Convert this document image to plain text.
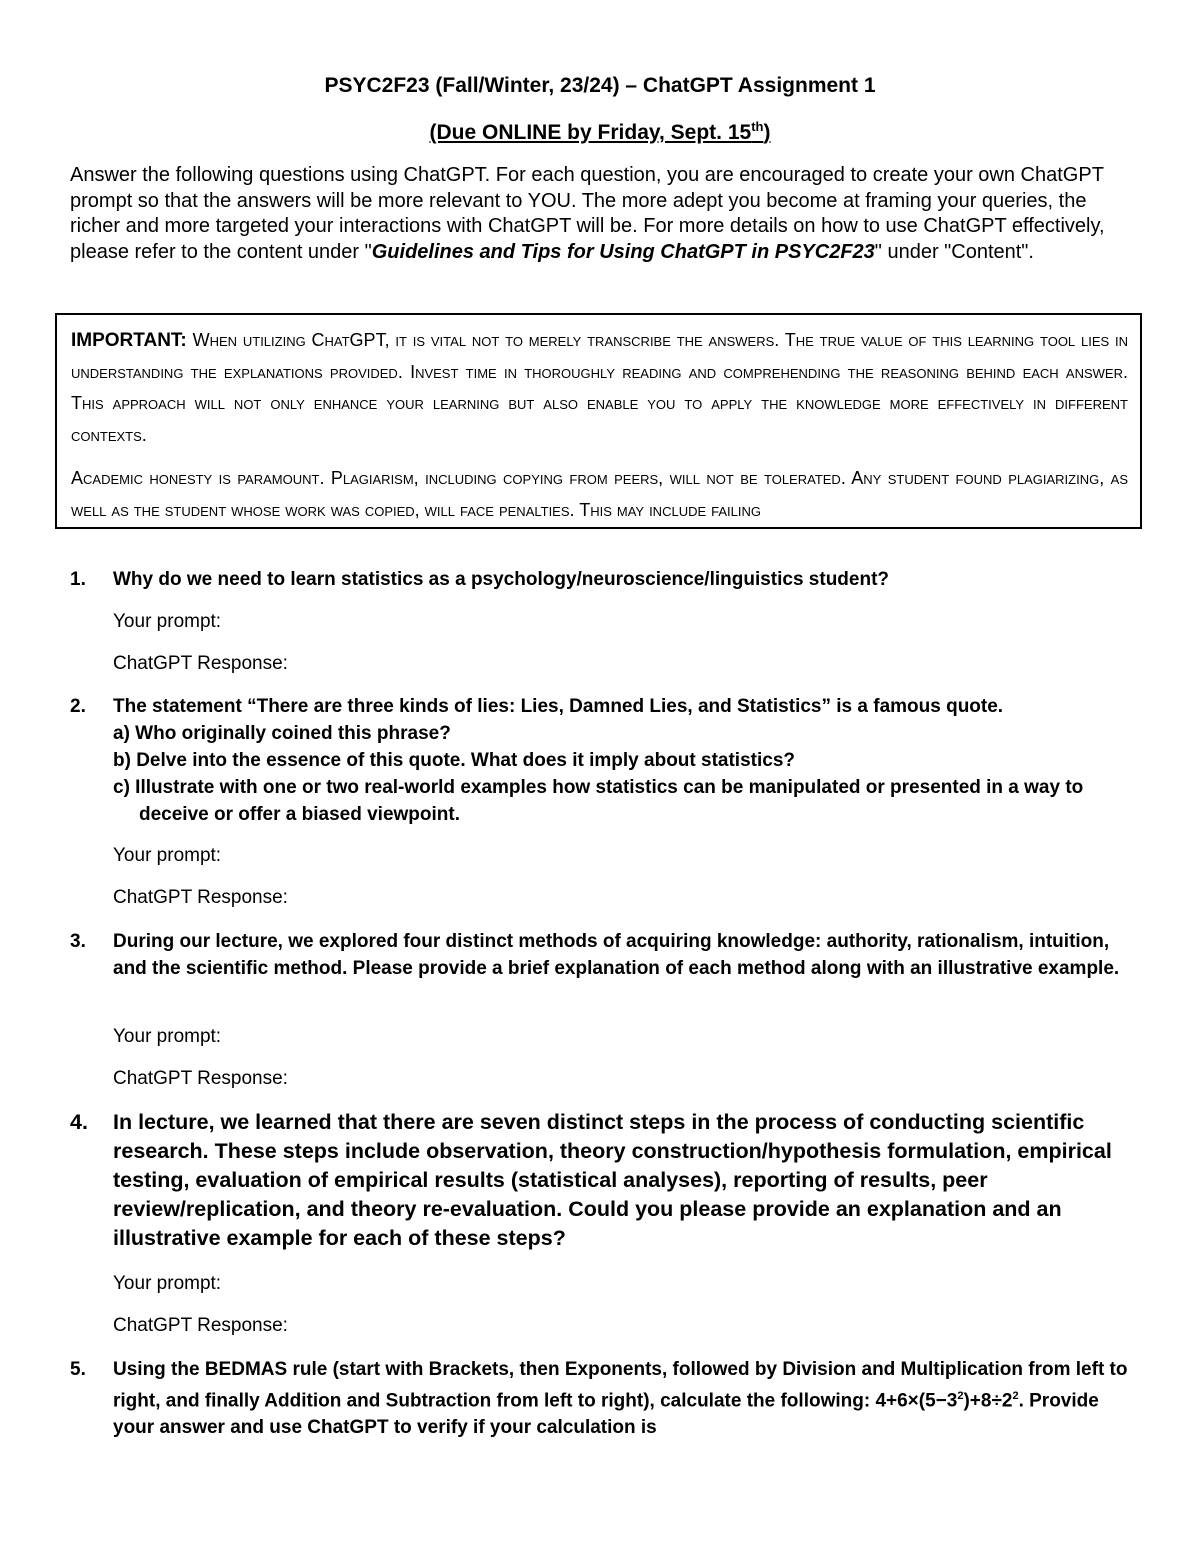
PSYC2F23 (Fall/Winter, 23/24) – ChatGPT Assignment 1
(Due ONLINE by Friday, Sept. 15th)
Answer the following questions using ChatGPT. For each question, you are encouraged to create your own ChatGPT prompt so that the answers will be more relevant to YOU. The more adept you become at framing your queries, the richer and more targeted your interactions with ChatGPT will be. For more details on how to use ChatGPT effectively, please refer to the content under "Guidelines and Tips for Using ChatGPT in PSYC2F23" under "Content".

IMPORTANT: When utilizing ChatGPT, it is vital not to merely transcribe the answers. The true value of this learning tool lies in understanding the explanations provided. Invest time in thoroughly reading and comprehending the reasoning behind each answer. This approach will not only enhance your learning but also enable you to apply the knowledge more effectively in different contexts.

Academic honesty is paramount. Plagiarism, including copying from peers, will not be tolerated. Any student found plagiarizing, as well as the student whose work was copied, will face penalties. This may include failing

1. Why do we need to learn statistics as a psychology/neuroscience/linguistics student?
Your prompt:
ChatGPT Response:
2. The statement “There are three kinds of lies: Lies, Damned Lies, and Statistics” is a famous quote.
a) Who originally coined this phrase?
b) Delve into the essence of this quote. What does it imply about statistics?
c) Illustrate with one or two real-world examples how statistics can be manipulated or presented in a way to deceive or offer a biased viewpoint.
Your prompt:
ChatGPT Response:
3. During our lecture, we explored four distinct methods of acquiring knowledge: authority, rationalism, intuition, and the scientific method. Please provide a brief explanation of each method along with an illustrative example.
Your prompt:
ChatGPT Response:
4. In lecture, we learned that there are seven distinct steps in the process of conducting scientific research. These steps include observation, theory construction/hypothesis formulation, empirical testing, evaluation of empirical results (statistical analyses), reporting of results, peer review/replication, and theory re-evaluation. Could you please provide an explanation and an illustrative example for each of these steps?
Your prompt:
ChatGPT Response:
5. Using the BEDMAS rule (start with Brackets, then Exponents, followed by Division and Multiplication from left to right, and finally Addition and Subtraction from left to right), calculate the following: $4+6\times(5-3^2)+8\div 2^2$. Provide your answer and use ChatGPT to verify if your calculation is
